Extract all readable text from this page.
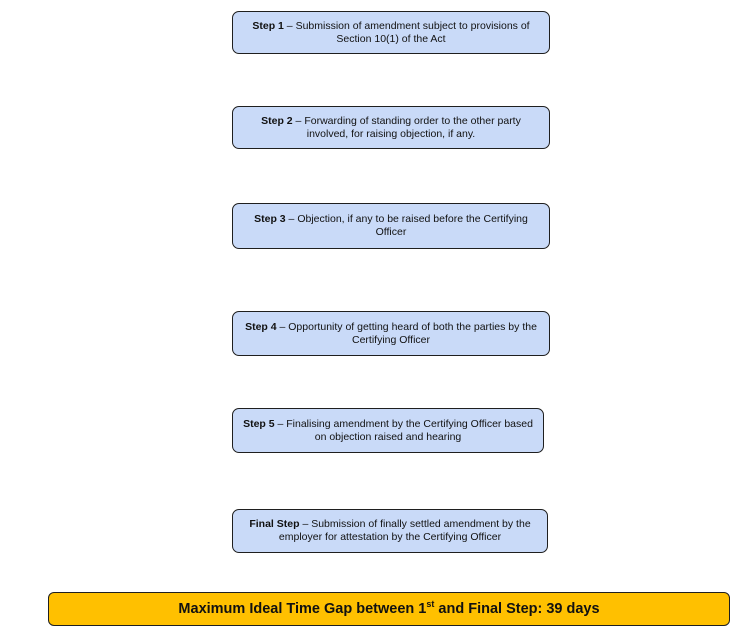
Step 1 – Submission of amendment subject to provisions of Section 10(1) of the Act
Step 2 – Forwarding of standing order to the other party involved, for raising objection, if any.
Step 3 – Objection, if any to be raised before the Certifying Officer
Step 4 – Opportunity of getting heard of both the parties by the Certifying Officer
Step 5 – Finalising amendment by the Certifying Officer based on objection raised and hearing
Final Step – Submission of finally settled amendment by the employer for attestation by the Certifying Officer
Maximum Ideal Time Gap between 1st and Final Step: 39 days
